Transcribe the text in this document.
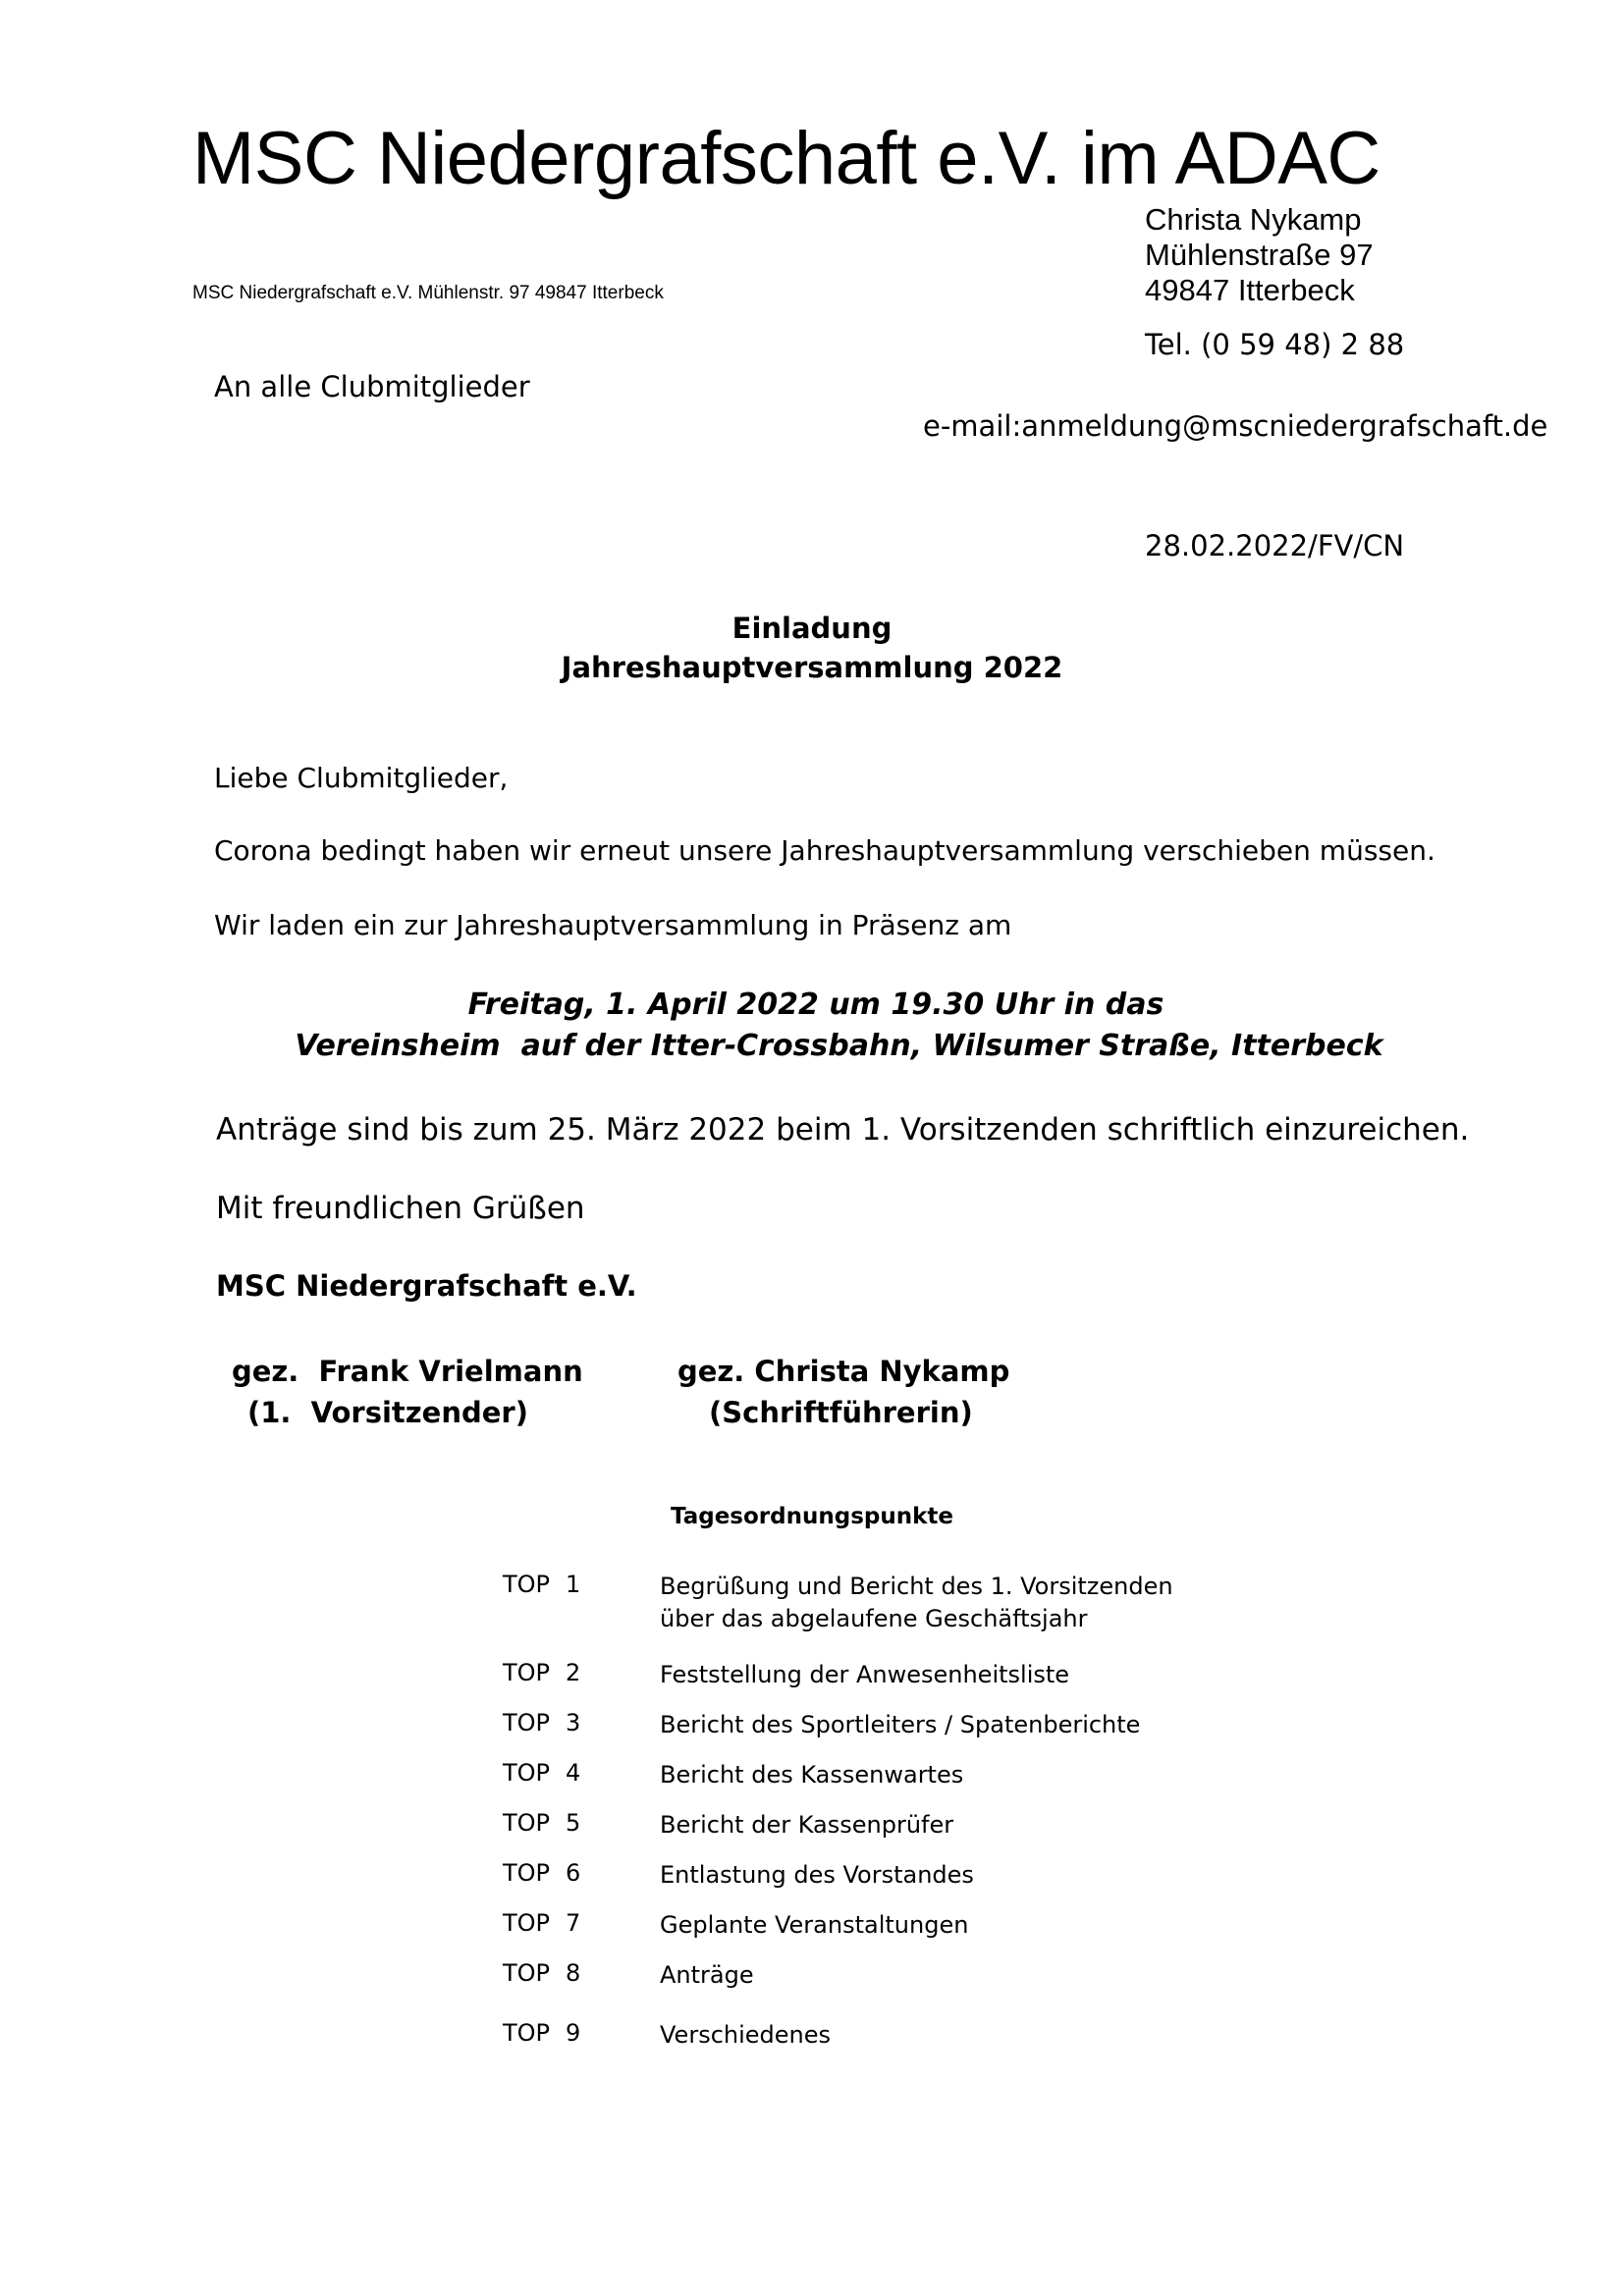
MSC Niedergrafschaft e.V. im ADAC
MSC Niedergrafschaft e.V. Mühlenstr. 97 49847 Itterbeck
Christa Nykamp
Mühlenstraße 97
49847 Itterbeck
Tel. (0 59 48) 2 88
An alle Clubmitglieder
e-mail:anmeldung@mscniedergrafschaft.de
28.02.2022/FV/CN
Einladung
Jahreshauptversammlung 2022
Liebe Clubmitglieder,
Corona bedingt haben wir erneut unsere Jahreshauptversammlung verschieben müssen.
Wir laden ein zur Jahreshauptversammlung in Präsenz am
Freitag, 1. April 2022 um 19.30 Uhr in das
Vereinsheim  auf der Itter-Crossbahn, Wilsumer Straße, Itterbeck
Anträge sind bis zum 25. März 2022 beim 1. Vorsitzenden schriftlich einzureichen.
Mit freundlichen Grüßen
MSC Niedergrafschaft e.V.
gez.  Frank Vrielmann
(1.  Vorsitzender)
gez. Christa Nykamp
(Schriftführerin)
Tagesordnungspunkte
TOP 1	Begrüßung und Bericht des 1. Vorsitzenden
über das abgelaufene Geschäftsjahr
TOP 2	Feststellung der Anwesenheitsliste
TOP 3	Bericht des Sportleiters / Spatenberichte
TOP 4	Bericht des Kassenwartes
TOP 5	Bericht der Kassenprüfer
TOP 6	Entlastung des Vorstandes
TOP 7	Geplante Veranstaltungen
TOP 8	Anträge
TOP 9	Verschiedenes
